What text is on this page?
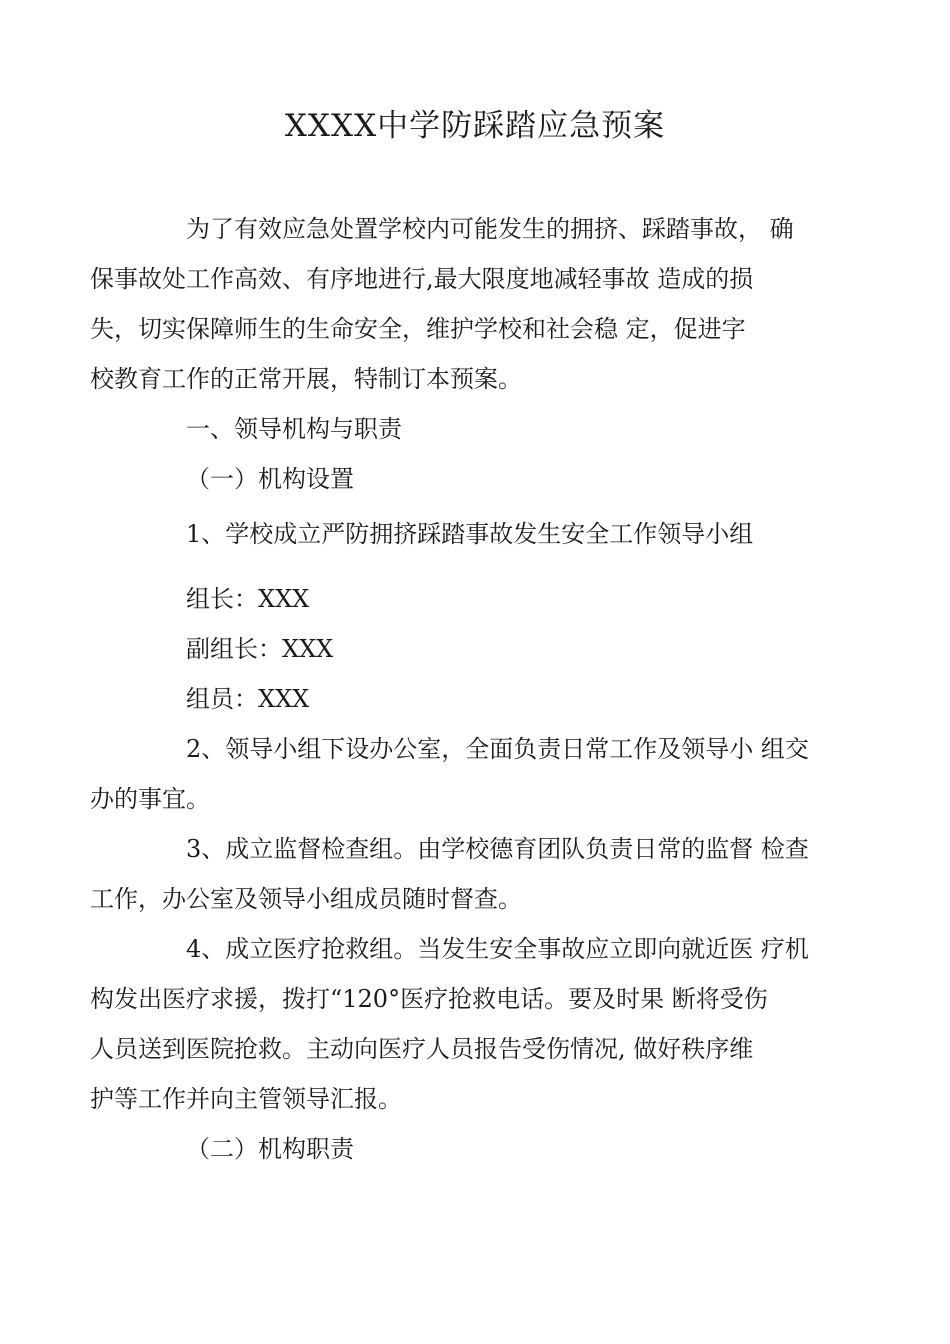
XXXX中学防踩踏应急预案
为了有效应急处置学校内可能发生的拥挤、踩踏事故， 确
保事故处工作高效、有序地进行,最大限度地减轻事故 造成的损
失，切实保障师生的生命安全，维护学校和社会稳 定，促进字
校教育工作的正常开展，特制订本预案。
一、领导机构与职责
（一）机构设置
1、学校成立严防拥挤踩踏事故发生安全工作领导小组
组长：XXX
副组长：XXX
组员：XXX
2、领导小组下设办公室，全面负责日常工作及领导小 组交
办的事宜。
3、成立监督检查组。由学校德育团队负责日常的监督 检查
工作，办公室及领导小组成员随时督查。
4、成立医疗抢救组。当发生安全事故应立即向就近医 疗机
构发出医疗求援，拨打“120°医疗抢救电话。要及时果 断将受伤
人员送到医院抢救。主动向医疗人员报告受伤情况, 做好秩序维
护等工作并向主管领导汇报。
（二）机构职责
